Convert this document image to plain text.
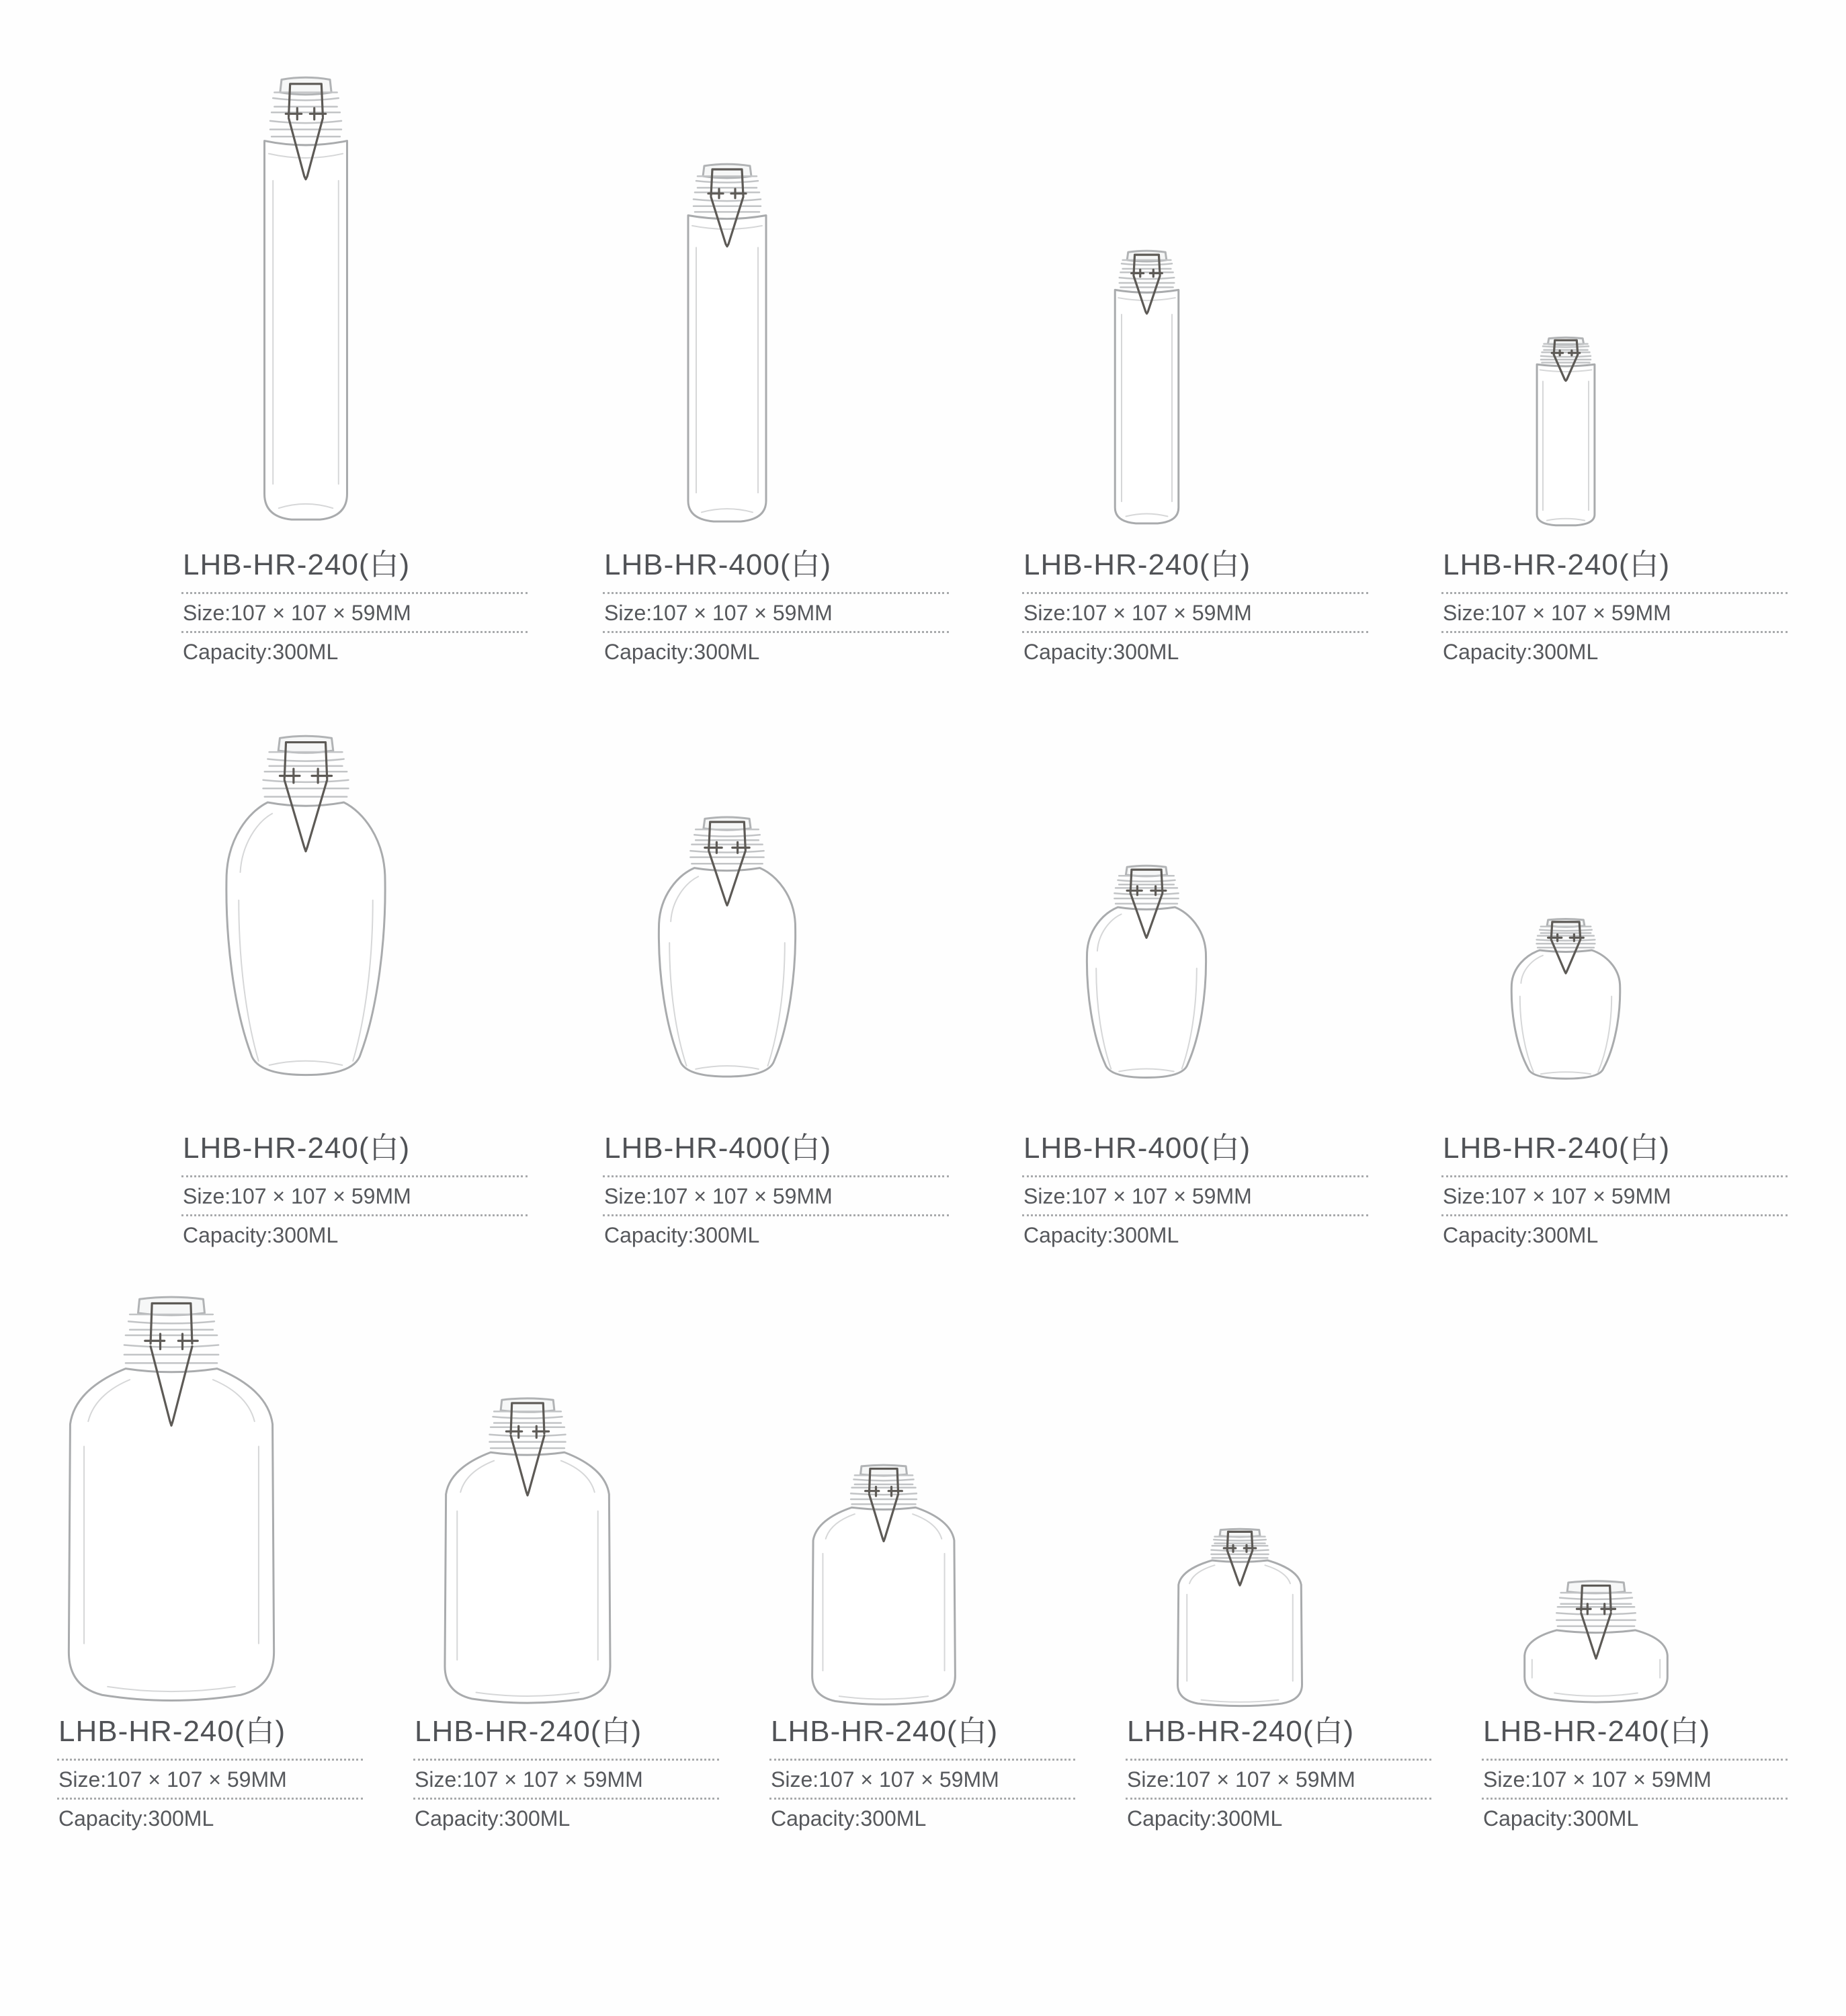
LHB-HR-240(白)
Size:107 × 107 × 59MM
Capacity:300ML
LHB-HR-400(白)
Size:107 × 107 × 59MM
Capacity:300ML
LHB-HR-240(白)
Size:107 × 107 × 59MM
Capacity:300ML
LHB-HR-240(白)
Size:107 × 107 × 59MM
Capacity:300ML
LHB-HR-240(白)
Size:107 × 107 × 59MM
Capacity:300ML
LHB-HR-400(白)
Size:107 × 107 × 59MM
Capacity:300ML
LHB-HR-400(白)
Size:107 × 107 × 59MM
Capacity:300ML
LHB-HR-240(白)
Size:107 × 107 × 59MM
Capacity:300ML
LHB-HR-240(白)
Size:107 × 107 × 59MM
Capacity:300ML
LHB-HR-240(白)
Size:107 × 107 × 59MM
Capacity:300ML
LHB-HR-240(白)
Size:107 × 107 × 59MM
Capacity:300ML
LHB-HR-240(白)
Size:107 × 107 × 59MM
Capacity:300ML
LHB-HR-240(白)
Size:107 × 107 × 59MM
Capacity:300ML
